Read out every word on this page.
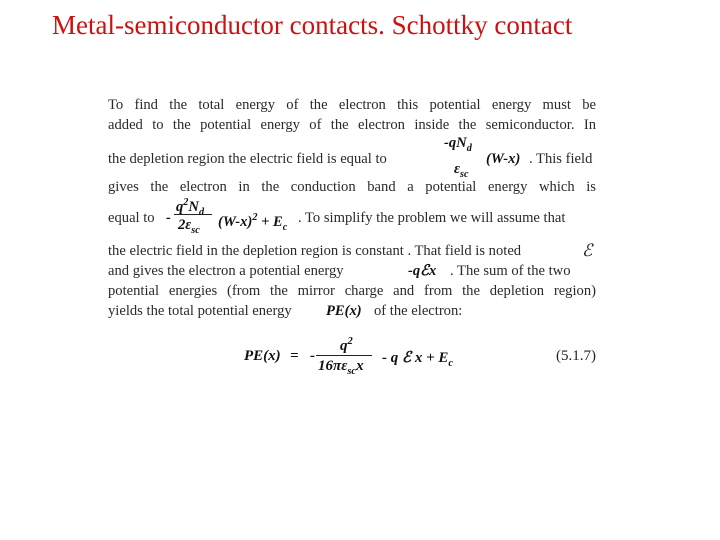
Metal-semiconductor contacts. Schottky contact
To find the total energy of the electron this potential energy must be
added to the potential energy of the electron inside the semiconductor. In
the depletion region the electric field is equal to
$-qN_d$
$\varepsilon_{sc}$
(W-x) . This field
gives the electron in the conduction band a potential energy which is
equal to -
$q^2N_d$
$2\varepsilon_{sc}$
$(W-x)^2 + E_c$
. To simplify the problem we will assume that
the electric field in the depletion region is constant . That field is noted	ℰ
and gives the electron a potential energy	-qℰx . The sum of the two
potential energies (from the mirror charge and from the depletion region)
yields the total potential energy PE(x) of the electron:
PE(x) = -
$q^2$
$16\pi\varepsilon_{sc}x$ - q ℰ $x + E_c$	(5.1.7)
